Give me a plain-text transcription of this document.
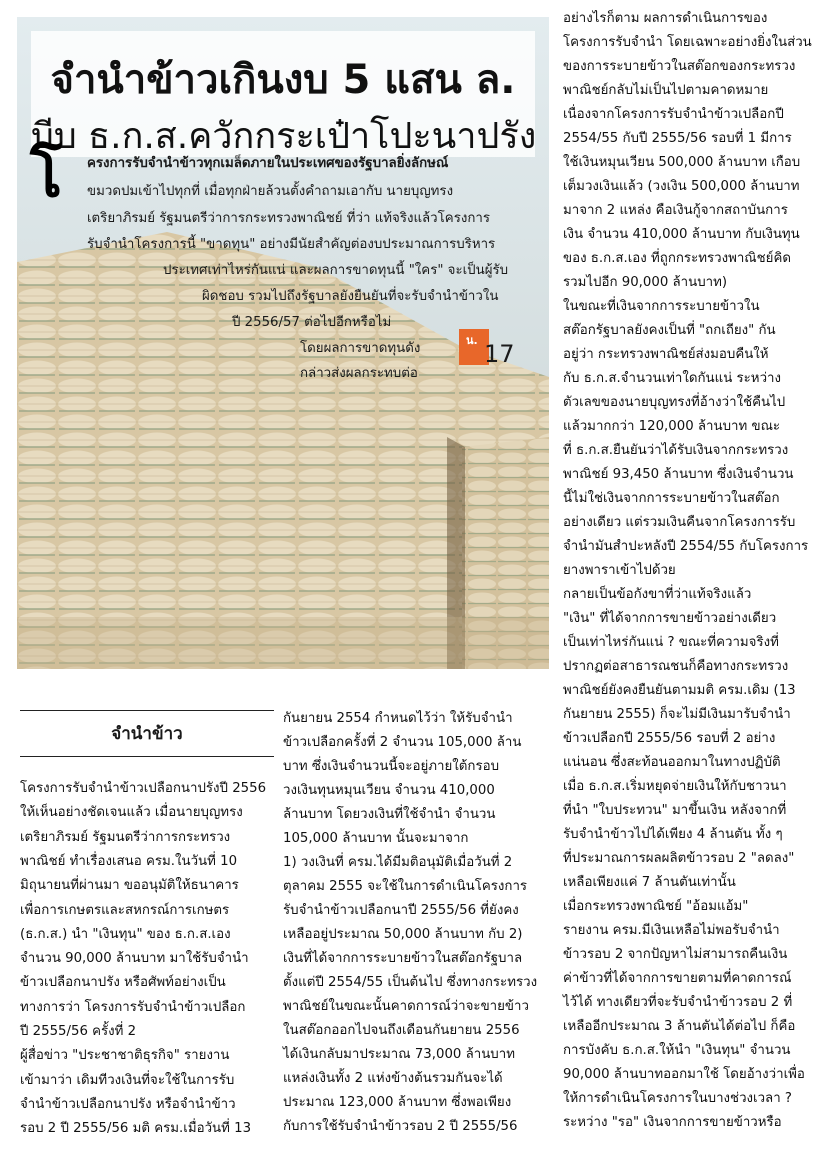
จำนำข้าวเกินงบ 5 แสน ล.
บีบ ธ.ก.ส.ควักกระเป๋าโปะนาปรัง
โ ครงการรับจำนำข้าวทุกเมล็ดภายในประเทศของรัฐบาลยิ่งลักษณ์
ขมวดปมเข้าไปทุกที่ เมื่อทุกฝ่ายล้วนตั้งคำถามเอากับ นายบุญทรง
เตริยาภิรมย์ รัฐมนตรีว่าการกระทรวงพาณิชย์ ที่ว่า แท้จริงแล้วโครงการ
รับจำนำโครงการนี้ "ขาดทุน" อย่างมีนัยสำคัญต่องบประมาณการบริหาร
ประเทศเท่าไหร่กันแน่ และผลการขาดทุนนี้ "ใคร" จะเป็นผู้รับ
ผิดชอบ รวมไปถึงรัฐบาลยังยืนยันที่จะรับจำนำข้าวใน
ปี 2556/57 ต่อไปอีกหรือไม่
โดยผลการขาดทุนดัง
กล่าวส่งผลกระทบต่อ
น. 17
จำนำข้าว
โครงการรับจำนำข้าวเปลือกนาปรังปี 2556
ให้เห็นอย่างชัดเจนแล้ว เมื่อนายบุญทรง
เตริยาภิรมย์ รัฐมนตรีว่าการกระทรวง
พาณิชย์ ทำเรื่องเสนอ ครม.ในวันที่ 10
มิถุนายนที่ผ่านมา ขออนุมัติให้ธนาคาร
เพื่อการเกษตรและสหกรณ์การเกษตร
(ธ.ก.ส.) นำ "เงินทุน" ของ ธ.ก.ส.เอง
จำนวน 90,000 ล้านบาท มาใช้รับจำนำ
ข้าวเปลือกนาปรัง หรือศัพท์อย่างเป็น
ทางการว่า โครงการรับจำนำข้าวเปลือก
ปี 2555/56 ครั้งที่ 2
ผู้สื่อข่าว "ประชาชาติธุรกิจ" รายงาน
เข้ามาว่า เดิมทีวงเงินที่จะใช้ในการรับ
จำนำข้าวเปลือกนาปรัง หรือจำนำข้าว
รอบ 2 ปี 2555/56 มติ ครม.เมื่อวันที่ 13
กันยายน 2554 กำหนดไว้ว่า ให้รับจำนำ
ข้าวเปลือกครั้งที่ 2 จำนวน 105,000 ล้าน
บาท ซึ่งเงินจำนวนนี้จะอยู่ภายใต้กรอบ
วงเงินทุนหมุนเวียน จำนวน 410,000
ล้านบาท โดยวงเงินที่ใช้จำนำ จำนวน
105,000 ล้านบาท นั้นจะมาจาก
1) วงเงินที่ ครม.ได้มีมติอนุมัติเมื่อวันที่ 2
ตุลาคม 2555 จะใช้ในการดำเนินโครงการ
รับจำนำข้าวเปลือกนาปี 2555/56 ที่ยังคง
เหลืออยู่ประมาณ 50,000 ล้านบาท กับ 2)
เงินที่ได้จากการระบายข้าวในสต๊อกรัฐบาล
ตั้งแต่ปี 2554/55 เป็นต้นไป ซึ่งทางกระทรวง
พาณิชย์ในขณะนั้นคาดการณ์ว่าจะขายข้าว
ในสต๊อกออกไปจนถึงเดือนกันยายน 2556
ได้เงินกลับมาประมาณ 73,000 ล้านบาท
แหล่งเงินทั้ง 2 แห่งข้างต้นรวมกันจะได้
ประมาณ 123,000 ล้านบาท ซึ่งพอเพียง
กับการใช้รับจำนำข้าวรอบ 2 ปี 2555/56
อย่างไรก็ตาม ผลการดำเนินการของ
โครงการรับจำนำ โดยเฉพาะอย่างยิ่งในส่วน
ของการระบายข้าวในสต๊อกของกระทรวง
พาณิชย์กลับไม่เป็นไปตามคาดหมาย
เนื่องจากโครงการรับจำนำข้าวเปลือกปี
2554/55 กับปี 2555/56 รอบที่ 1 มีการ
ใช้เงินหมุนเวียน 500,000 ล้านบาท เกือบ
เต็มวงเงินแล้ว (วงเงิน 500,000 ล้านบาท
มาจาก 2 แหล่ง คือเงินกู้จากสถาบันการ
เงิน จำนวน 410,000 ล้านบาท กับเงินทุน
ของ ธ.ก.ส.เอง ที่ถูกกระทรวงพาณิชย์คิด
รวมไปอีก 90,000 ล้านบาท)
ในขณะที่เงินจากการระบายข้าวใน
สต๊อกรัฐบาลยังคงเป็นที่ "ถกเถียง" กัน
อยู่ว่า กระทรวงพาณิชย์ส่งมอบคืนให้
กับ ธ.ก.ส.จำนวนเท่าใดกันแน่ ระหว่าง
ตัวเลขของนายบุญทรงที่อ้างว่าใช้คืนไป
แล้วมากกว่า 120,000 ล้านบาท ขณะ
ที่ ธ.ก.ส.ยืนยันว่าได้รับเงินจากกระทรวง
พาณิชย์ 93,450 ล้านบาท ซึ่งเงินจำนวน
นี้ไม่ใช่เงินจากการระบายข้าวในสต๊อก
อย่างเดียว แต่รวมเงินคืนจากโครงการรับ
จำนำมันสำปะหลังปี 2554/55 กับโครงการ
ยางพาราเข้าไปด้วย
กลายเป็นข้อกังขาที่ว่าแท้จริงแล้ว
"เงิน" ที่ได้จากการขายข้าวอย่างเดียว
เป็นเท่าไหร่กันแน่ ? ขณะที่ความจริงที่
ปรากฏต่อสาธารณชนก็คือทางกระทรวง
พาณิชย์ยังคงยืนยันตามมติ ครม.เดิม (13
กันยายน 2555) ก็จะไม่มีเงินมารับจำนำ
ข้าวเปลือกปี 2555/56 รอบที่ 2 อย่าง
แน่นอน ซึ่งสะท้อนออกมาในทางปฏิบัติ
เมื่อ ธ.ก.ส.เริ่มหยุดจ่ายเงินให้กับชาวนา
ที่นำ "ใบประทวน" มาขึ้นเงิน หลังจากที่
รับจำนำข้าวไปได้เพียง 4 ล้านตัน ทั้ง ๆ
ที่ประมาณการผลผลิตข้าวรอบ 2 "ลดลง"
เหลือเพียงแค่ 7 ล้านตันเท่านั้น
เมื่อกระทรวงพาณิชย์ "อ้อมแอ้ม"
รายงาน ครม.มีเงินเหลือไม่พอรับจำนำ
ข้าวรอบ 2 จากปัญหาไม่สามารถคืนเงิน
ค่าข้าวที่ได้จากการขายตามที่คาดการณ์
ไว้ได้ ทางเดียวที่จะรับจำนำข้าวรอบ 2 ที่
เหลืออีกประมาณ 3 ล้านตันได้ต่อไป ก็คือ
การบังคับ ธ.ก.ส.ให้นำ "เงินทุน" จำนวน
90,000 ล้านบาทออกมาใช้ โดยอ้างว่าเพื่อ
ให้การดำเนินโครงการในบางช่วงเวลา ?
ระหว่าง "รอ" เงินจากการขายข้าวหรือ
